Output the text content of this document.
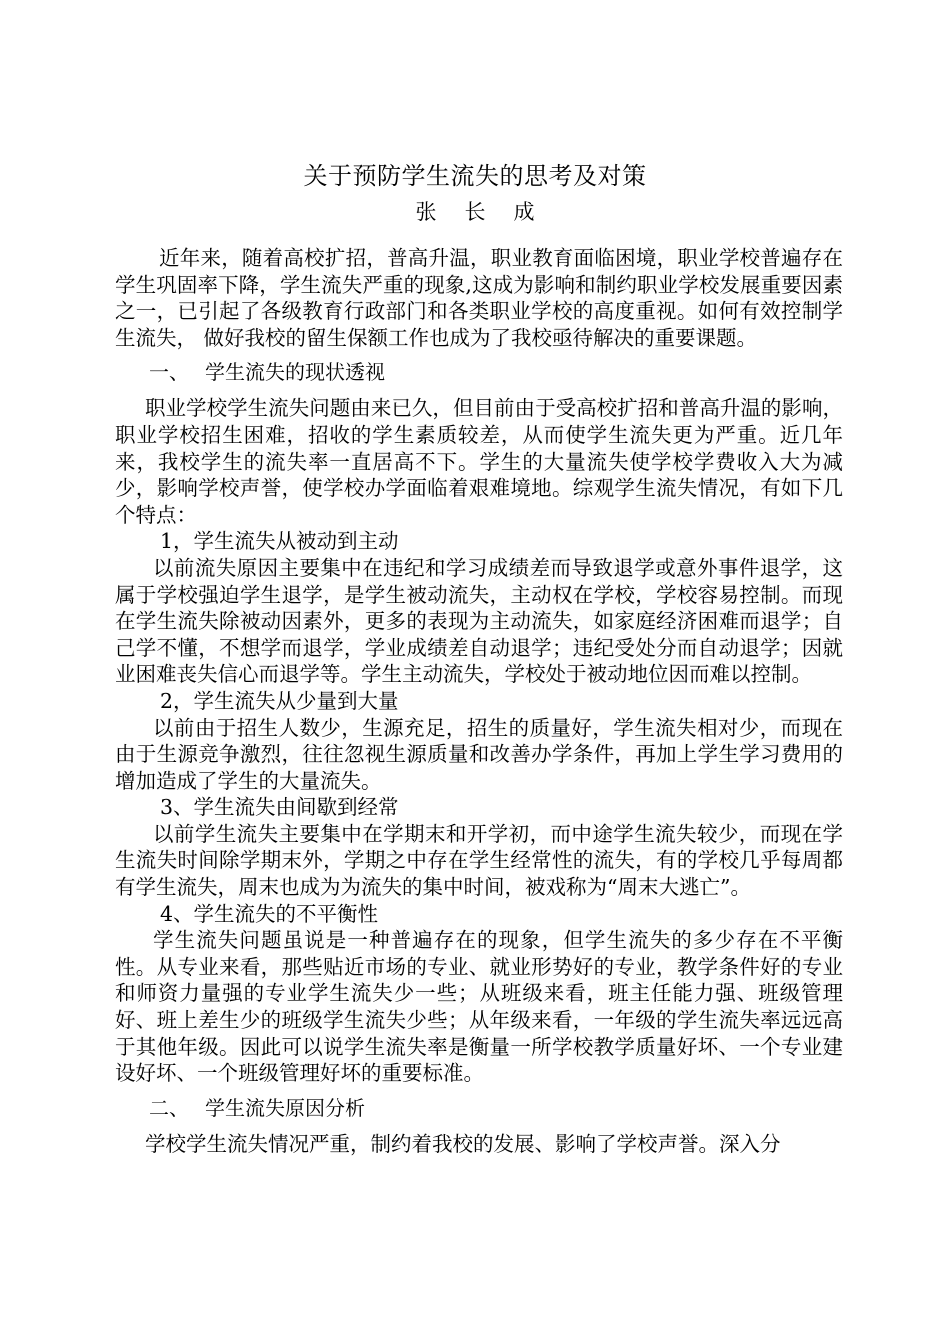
关于预防学生流失的思考及对策
张长成

近年来，随着高校扩招，普高升温，职业教育面临困境，职业学校普遍存在学生巩固率下降，学生流失严重的现象,这成为影响和制约职业学校发展重要因素之一，已引起了各级教育行政部门和各类职业学校的高度重视。如何有效控制学生流失， 做好我校的留生保额工作也成为了我校亟待解决的重要课题。

一、 学生流失的现状透视

职业学校学生流失问题由来已久，但目前由于受高校扩招和普高升温的影响，职业学校招生困难，招收的学生素质较差，从而使学生流失更为严重。近几年来，我校学生的流失率一直居高不下。学生的大量流失使学校学费收入大为减少，影响学校声誉，使学校办学面临着艰难境地。综观学生流失情况，有如下几个特点：

1，学生流失从被动到主动

以前流失原因主要集中在违纪和学习成绩差而导致退学或意外事件退学，这属于学校强迫学生退学，是学生被动流失，主动权在学校，学校容易控制。而现在学生流失除被动因素外，更多的表现为主动流失，如家庭经济困难而退学；自己学不懂，不想学而退学，学业成绩差自动退学；违纪受处分而自动退学；因就业困难丧失信心而退学等。学生主动流失，学校处于被动地位因而难以控制。

2，学生流失从少量到大量

以前由于招生人数少，生源充足，招生的质量好，学生流失相对少，而现在由于生源竞争激烈，往往忽视生源质量和改善办学条件，再加上学生学习费用的增加造成了学生的大量流失。

3、学生流失由间歇到经常

以前学生流失主要集中在学期末和开学初，而中途学生流失较少，而现在学生流失时间除学期末外，学期之中存在学生经常性的流失，有的学校几乎每周都有学生流失，周末也成为为流失的集中时间，被戏称为“周末大逃亡”。

4、学生流失的不平衡性

学生流失问题虽说是一种普遍存在的现象，但学生流失的多少存在不平衡性。从专业来看，那些贴近市场的专业、就业形势好的专业，教学条件好的专业和师资力量强的专业学生流失少一些；从班级来看，班主任能力强、班级管理好、班上差生少的班级学生流失少些；从年级来看，一年级的学生流失率远远高于其他年级。因此可以说学生流失率是衡量一所学校教学质量好坏、一个专业建设好坏、一个班级管理好坏的重要标准。

二、 学生流失原因分析

学校学生流失情况严重，制约着我校的发展、影响了学校声誉。深入分
